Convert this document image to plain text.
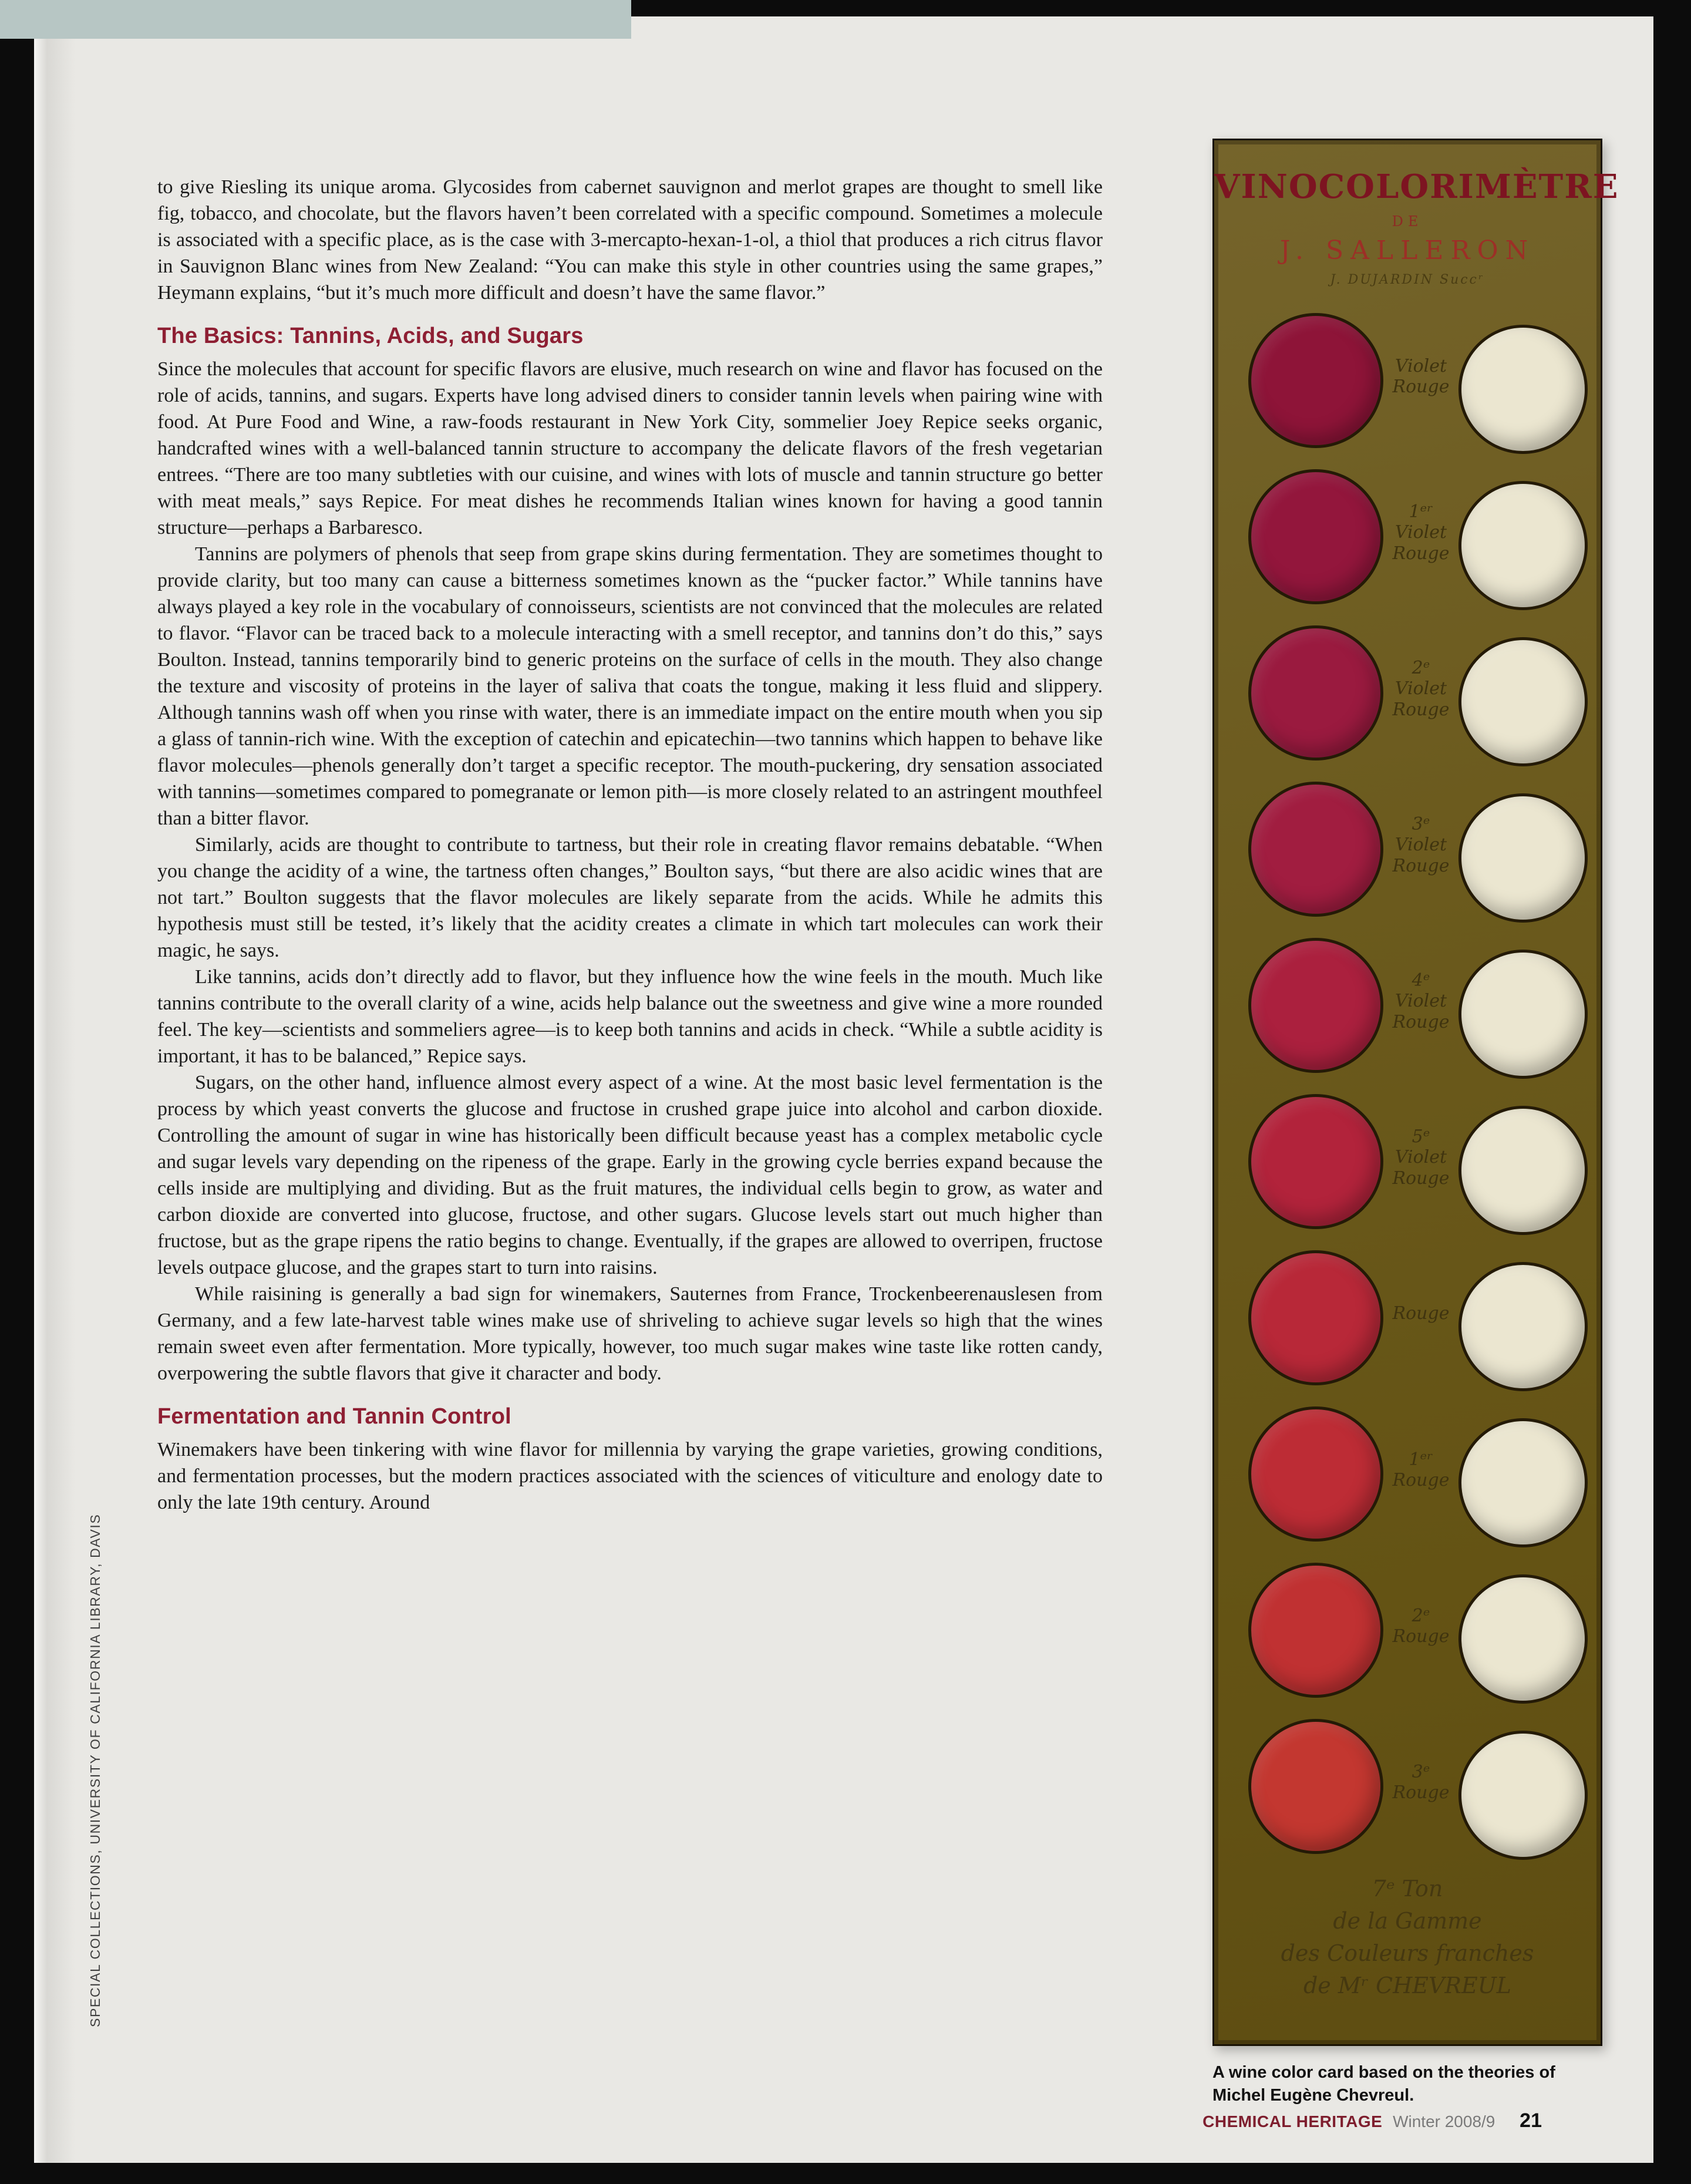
SPECIAL COLLECTIONS, UNIVERSITY OF CALIFORNIA LIBRARY, DAVIS

to give Riesling its unique aroma. Glycosides from cabernet sauvignon and merlot grapes are thought to smell like fig, tobacco, and chocolate, but the flavors haven’t been correlated with a specific compound. Sometimes a molecule is associated with a specific place, as is the case with 3-mercapto-hexan-1-ol, a thiol that produces a rich citrus flavor in Sauvignon Blanc wines from New Zealand: “You can make this style in other countries using the same grapes,” Heymann explains, “but it’s much more difficult and doesn’t have the same flavor.”

The Basics: Tannins, Acids, and Sugars

Since the molecules that account for specific flavors are elusive, much research on wine and flavor has focused on the role of acids, tannins, and sugars. Experts have long advised diners to consider tannin levels when pairing wine with food. At Pure Food and Wine, a raw-foods restaurant in New York City, sommelier Joey Repice seeks organic, handcrafted wines with a well-balanced tannin structure to accompany the delicate flavors of the fresh vegetarian entrees. “There are too many subtleties with our cuisine, and wines with lots of muscle and tannin structure go better with meat meals,” says Repice. For meat dishes he recommends Italian wines known for having a good tannin structure—perhaps a Barbaresco.

Tannins are polymers of phenols that seep from grape skins during fermentation. They are sometimes thought to provide clarity, but too many can cause a bitterness sometimes known as the “pucker factor.” While tannins have always played a key role in the vocabulary of connoisseurs, scientists are not convinced that the molecules are related to flavor. “Flavor can be traced back to a molecule interacting with a smell receptor, and tannins don’t do this,” says Boulton. Instead, tannins temporarily bind to generic proteins on the surface of cells in the mouth. They also change the texture and viscosity of proteins in the layer of saliva that coats the tongue, making it less fluid and slippery. Although tannins wash off when you rinse with water, there is an immediate impact on the entire mouth when you sip a glass of tannin-rich wine. With the exception of catechin and epicatechin—two tannins which happen to behave like flavor molecules—phenols generally don’t target a specific receptor. The mouth-puckering, dry sensation associated with tannins—sometimes compared to pomegranate or lemon pith—is more closely related to an astringent mouthfeel than a bitter flavor.

Similarly, acids are thought to contribute to tartness, but their role in creating flavor remains debatable. “When you change the acidity of a wine, the tartness often changes,” Boulton says, “but there are also acidic wines that are not tart.” Boulton suggests that the flavor molecules are likely separate from the acids. While he admits this hypothesis must still be tested, it’s likely that the acidity creates a climate in which tart molecules can work their magic, he says.

Like tannins, acids don’t directly add to flavor, but they influence how the wine feels in the mouth. Much like tannins contribute to the overall clarity of a wine, acids help balance out the sweetness and give wine a more rounded feel. The key—scientists and sommeliers agree—is to keep both tannins and acids in check. “While a subtle acidity is important, it has to be balanced,” Repice says.

Sugars, on the other hand, influence almost every aspect of a wine. At the most basic level fermentation is the process by which yeast converts the glucose and fructose in crushed grape juice into alcohol and carbon dioxide. Controlling the amount of sugar in wine has historically been difficult because yeast has a complex metabolic cycle and sugar levels vary depending on the ripeness of the grape. Early in the growing cycle berries expand because the cells inside are multiplying and dividing. But as the fruit matures, the individual cells begin to grow, as water and carbon dioxide are converted into glucose, fructose, and other sugars. Glucose levels start out much higher than fructose, but as the grape ripens the ratio begins to change. Eventually, if the grapes are allowed to overripen, fructose levels outpace glucose, and the grapes start to turn into raisins.

While raisining is generally a bad sign for winemakers, Sauternes from France, Trockenbeerenauslesen from Germany, and a few late-harvest table wines make use of shriveling to achieve sugar levels so high that the wines remain sweet even after fermentation. More typically, however, too much sugar makes wine taste like rotten candy, overpowering the subtle flavors that give it character and body.

Fermentation and Tannin Control

Winemakers have been tinkering with wine flavor for millennia by varying the grape varieties, growing conditions, and fermentation processes, but the modern practices associated with the sciences of viticulture and enology date to only the late 19th century. Around

VINOCOLORIMÈTRE
DE
J. SALLERON
J. DUJARDIN Succʳ
Violet
Rouge
1ᵉʳ
Violet
Rouge
2ᵉ
Violet
Rouge
3ᵉ
Violet
Rouge
4ᵉ
Violet
Rouge
5ᵉ
Violet
Rouge
Rouge
1ᵉʳ
Rouge
2ᵉ
Rouge
3ᵉ
Rouge
7ᵉ Ton
de la Gamme
des Couleurs franches
de Mʳ CHEVREUL
A wine color card based on the theories of Michel Eugène Chevreul.
CHEMICAL HERITAGE Winter 2008/9 21
